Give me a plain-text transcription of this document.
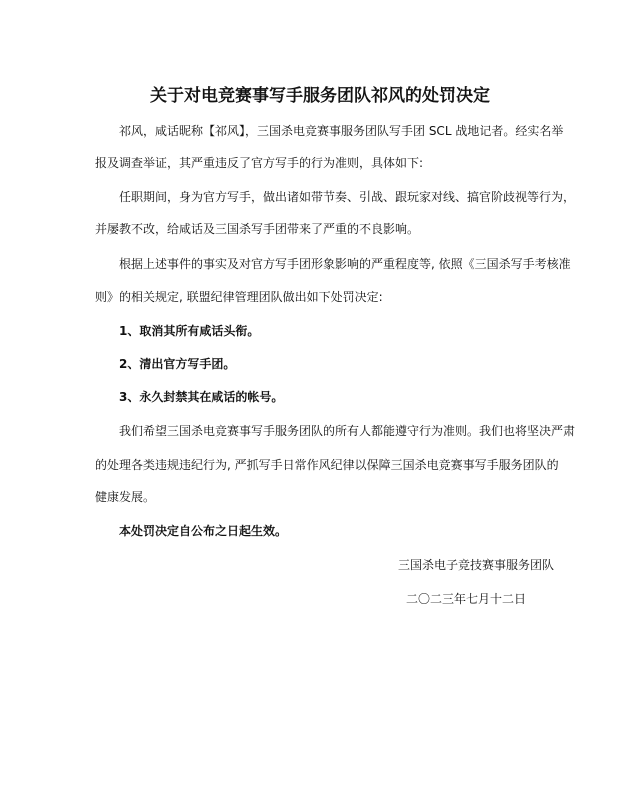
关于对电竞赛事写手服务团队祁风的处罚决定
祁风，咸话昵称【祁风】，三国杀电竞赛事服务团队写手团 SCL 战地记者。经实名举
报及调查举证，其严重违反了官方写手的行为准则，具体如下:
任职期间，身为官方写手，做出诸如带节奏、引战、跟玩家对线、搞官阶歧视等行为，
并屡教不改，给咸话及三国杀写手团带来了严重的不良影响。
根据上述事件的事实及对官方写手团形象影响的严重程度等, 依照《三国杀写手考核准
则》的相关规定, 联盟纪律管理团队做出如下处罚决定:
1、取消其所有咸话头衔。
2、清出官方写手团。
3、永久封禁其在咸话的帐号。
我们希望三国杀电竞赛事写手服务团队的所有人都能遵守行为准则。我们也将坚决严肃
的处理各类违规违纪行为, 严抓写手日常作风纪律以保障三国杀电竞赛事写手服务团队的
健康发展。
本处罚决定自公布之日起生效。
三国杀电子竞技赛事服务团队
二〇二三年七月十二日
